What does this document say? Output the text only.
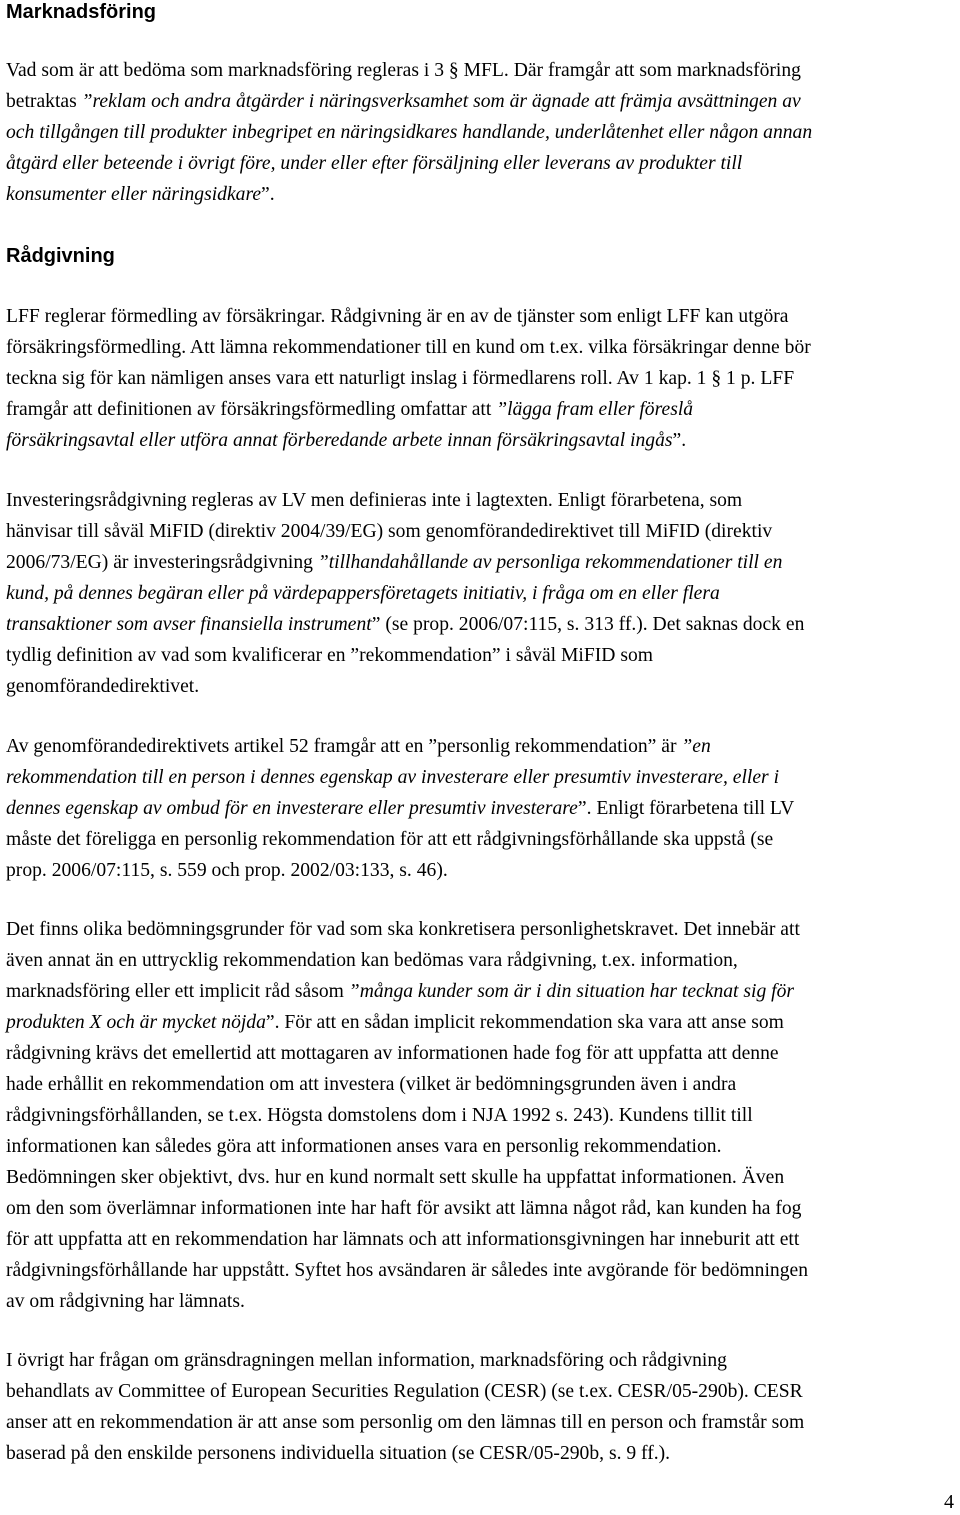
Marknadsföring
Vad som är att bedöma som marknadsföring regleras i 3 § MFL. Där framgår att som marknadsföring
betraktas ”reklam och andra åtgärder i näringsverksamhet som är ägnade att främja avsättningen av
och tillgången till produkter inbegripet en näringsidkares handlande, underlåtenhet eller någon annan
åtgärd eller beteende i övrigt före, under eller efter försäljning eller leverans av produkter till
konsumenter eller näringsidkare”.
Rådgivning
LFF reglerar förmedling av försäkringar. Rådgivning är en av de tjänster som enligt LFF kan utgöra
försäkringsförmedling. Att lämna rekommendationer till en kund om t.ex. vilka försäkringar denne bör
teckna sig för kan nämligen anses vara ett naturligt inslag i förmedlarens roll. Av 1 kap. 1 § 1 p. LFF
framgår att definitionen av försäkringsförmedling omfattar att ”lägga fram eller föreslå
försäkringsavtal eller utföra annat förberedande arbete innan försäkringsavtal ingås”.
Investeringsrådgivning regleras av LV men definieras inte i lagtexten. Enligt förarbetena, som
hänvisar till såväl MiFID (direktiv 2004/39/EG) som genomförandedirektivet till MiFID (direktiv
2006/73/EG) är investeringsrådgivning ”tillhandahållande av personliga rekommendationer till en
kund, på dennes begäran eller på värdepappersföretagets initiativ, i fråga om en eller flera
transaktioner som avser finansiella instrument” (se prop. 2006/07:115, s. 313 ff.). Det saknas dock en
tydlig definition av vad som kvalificerar en ”rekommendation” i såväl MiFID som
genomförandedirektivet.
Av genomförandedirektivets artikel 52 framgår att en ”personlig rekommendation” är ”en
rekommendation till en person i dennes egenskap av investerare eller presumtiv investerare, eller i
dennes egenskap av ombud för en investerare eller presumtiv investerare”. Enligt förarbetena till LV
måste det föreligga en personlig rekommendation för att ett rådgivningsförhållande ska uppstå (se
prop. 2006/07:115, s. 559 och prop. 2002/03:133, s. 46).
Det finns olika bedömningsgrunder för vad som ska konkretisera personlighetskravet. Det innebär att
även annat än en uttrycklig rekommendation kan bedömas vara rådgivning, t.ex. information,
marknadsföring eller ett implicit råd såsom ”många kunder som är i din situation har tecknat sig för
produkten X och är mycket nöjda”. För att en sådan implicit rekommendation ska vara att anse som
rådgivning krävs det emellertid att mottagaren av informationen hade fog för att uppfatta att denne
hade erhållit en rekommendation om att investera (vilket är bedömningsgrunden även i andra
rådgivningsförhållanden, se t.ex. Högsta domstolens dom i NJA 1992 s. 243). Kundens tillit till
informationen kan således göra att informationen anses vara en personlig rekommendation.
Bedömningen sker objektivt, dvs. hur en kund normalt sett skulle ha uppfattat informationen. Även
om den som överlämnar informationen inte har haft för avsikt att lämna något råd, kan kunden ha fog
för att uppfatta att en rekommendation har lämnats och att informationsgivningen har inneburit att ett
rådgivningsförhållande har uppstått. Syftet hos avsändaren är således inte avgörande för bedömningen
av om rådgivning har lämnats.
I övrigt har frågan om gränsdragningen mellan information, marknadsföring och rådgivning
behandlats av Committee of European Securities Regulation (CESR) (se t.ex. CESR/05-290b). CESR
anser att en rekommendation är att anse som personlig om den lämnas till en person och framstår som
baserad på den enskilde personens individuella situation (se CESR/05-290b, s. 9 ff.).
4
